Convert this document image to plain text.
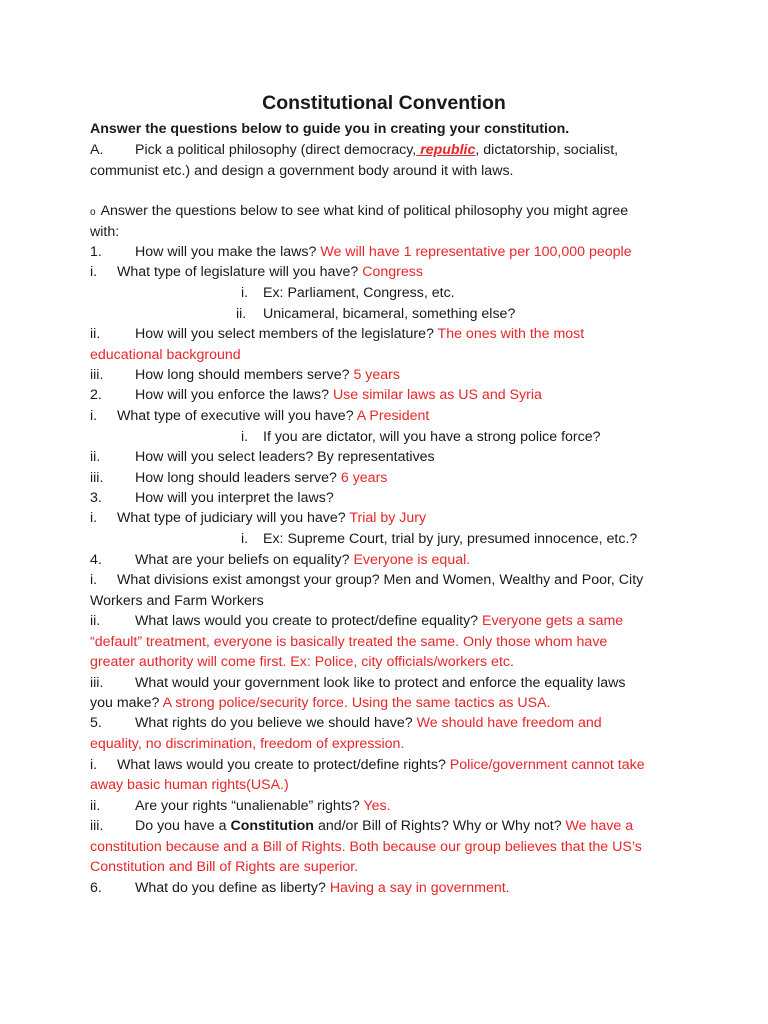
Constitutional Convention
Answer the questions below to guide you in creating your constitution.
A. Pick a political philosophy (direct democracy, republic, dictatorship, socialist,
communist etc.) and design a government body around it with laws.
o Answer the questions below to see what kind of political philosophy you might agree
with:
1. How will you make the laws? We will have 1 representative per 100,000 people
i. What type of legislature will you have? Congress
i. Ex: Parliament, Congress, etc.
ii. Unicameral, bicameral, something else?
ii. How will you select members of the legislature? The ones with the most
educational background
iii. How long should members serve? 5 years
2. How will you enforce the laws? Use similar laws as US and Syria
i. What type of executive will you have? A President
i. If you are dictator, will you have a strong police force?
ii. How will you select leaders? By representatives
iii. How long should leaders serve? 6 years
3. How will you interpret the laws?
i. What type of judiciary will you have? Trial by Jury
i. Ex: Supreme Court, trial by jury, presumed innocence, etc.?
4. What are your beliefs on equality? Everyone is equal.
i. What divisions exist amongst your group? Men and Women, Wealthy and Poor, City
Workers and Farm Workers
ii. What laws would you create to protect/define equality? Everyone gets a same
“default” treatment, everyone is basically treated the same. Only those whom have
greater authority will come first. Ex: Police, city officials/workers etc.
iii. What would your government look like to protect and enforce the equality laws
you make? A strong police/security force. Using the same tactics as USA.
5. What rights do you believe we should have? We should have freedom and
equality, no discrimination, freedom of expression.
i. What laws would you create to protect/define rights? Police/government cannot take
away basic human rights(USA.)
ii. Are your rights “unalienable” rights? Yes.
iii. Do you have a Constitution and/or Bill of Rights? Why or Why not? We have a
constitution because and a Bill of Rights. Both because our group believes that the US’s
Constitution and Bill of Rights are superior.
6. What do you define as liberty? Having a say in government.
